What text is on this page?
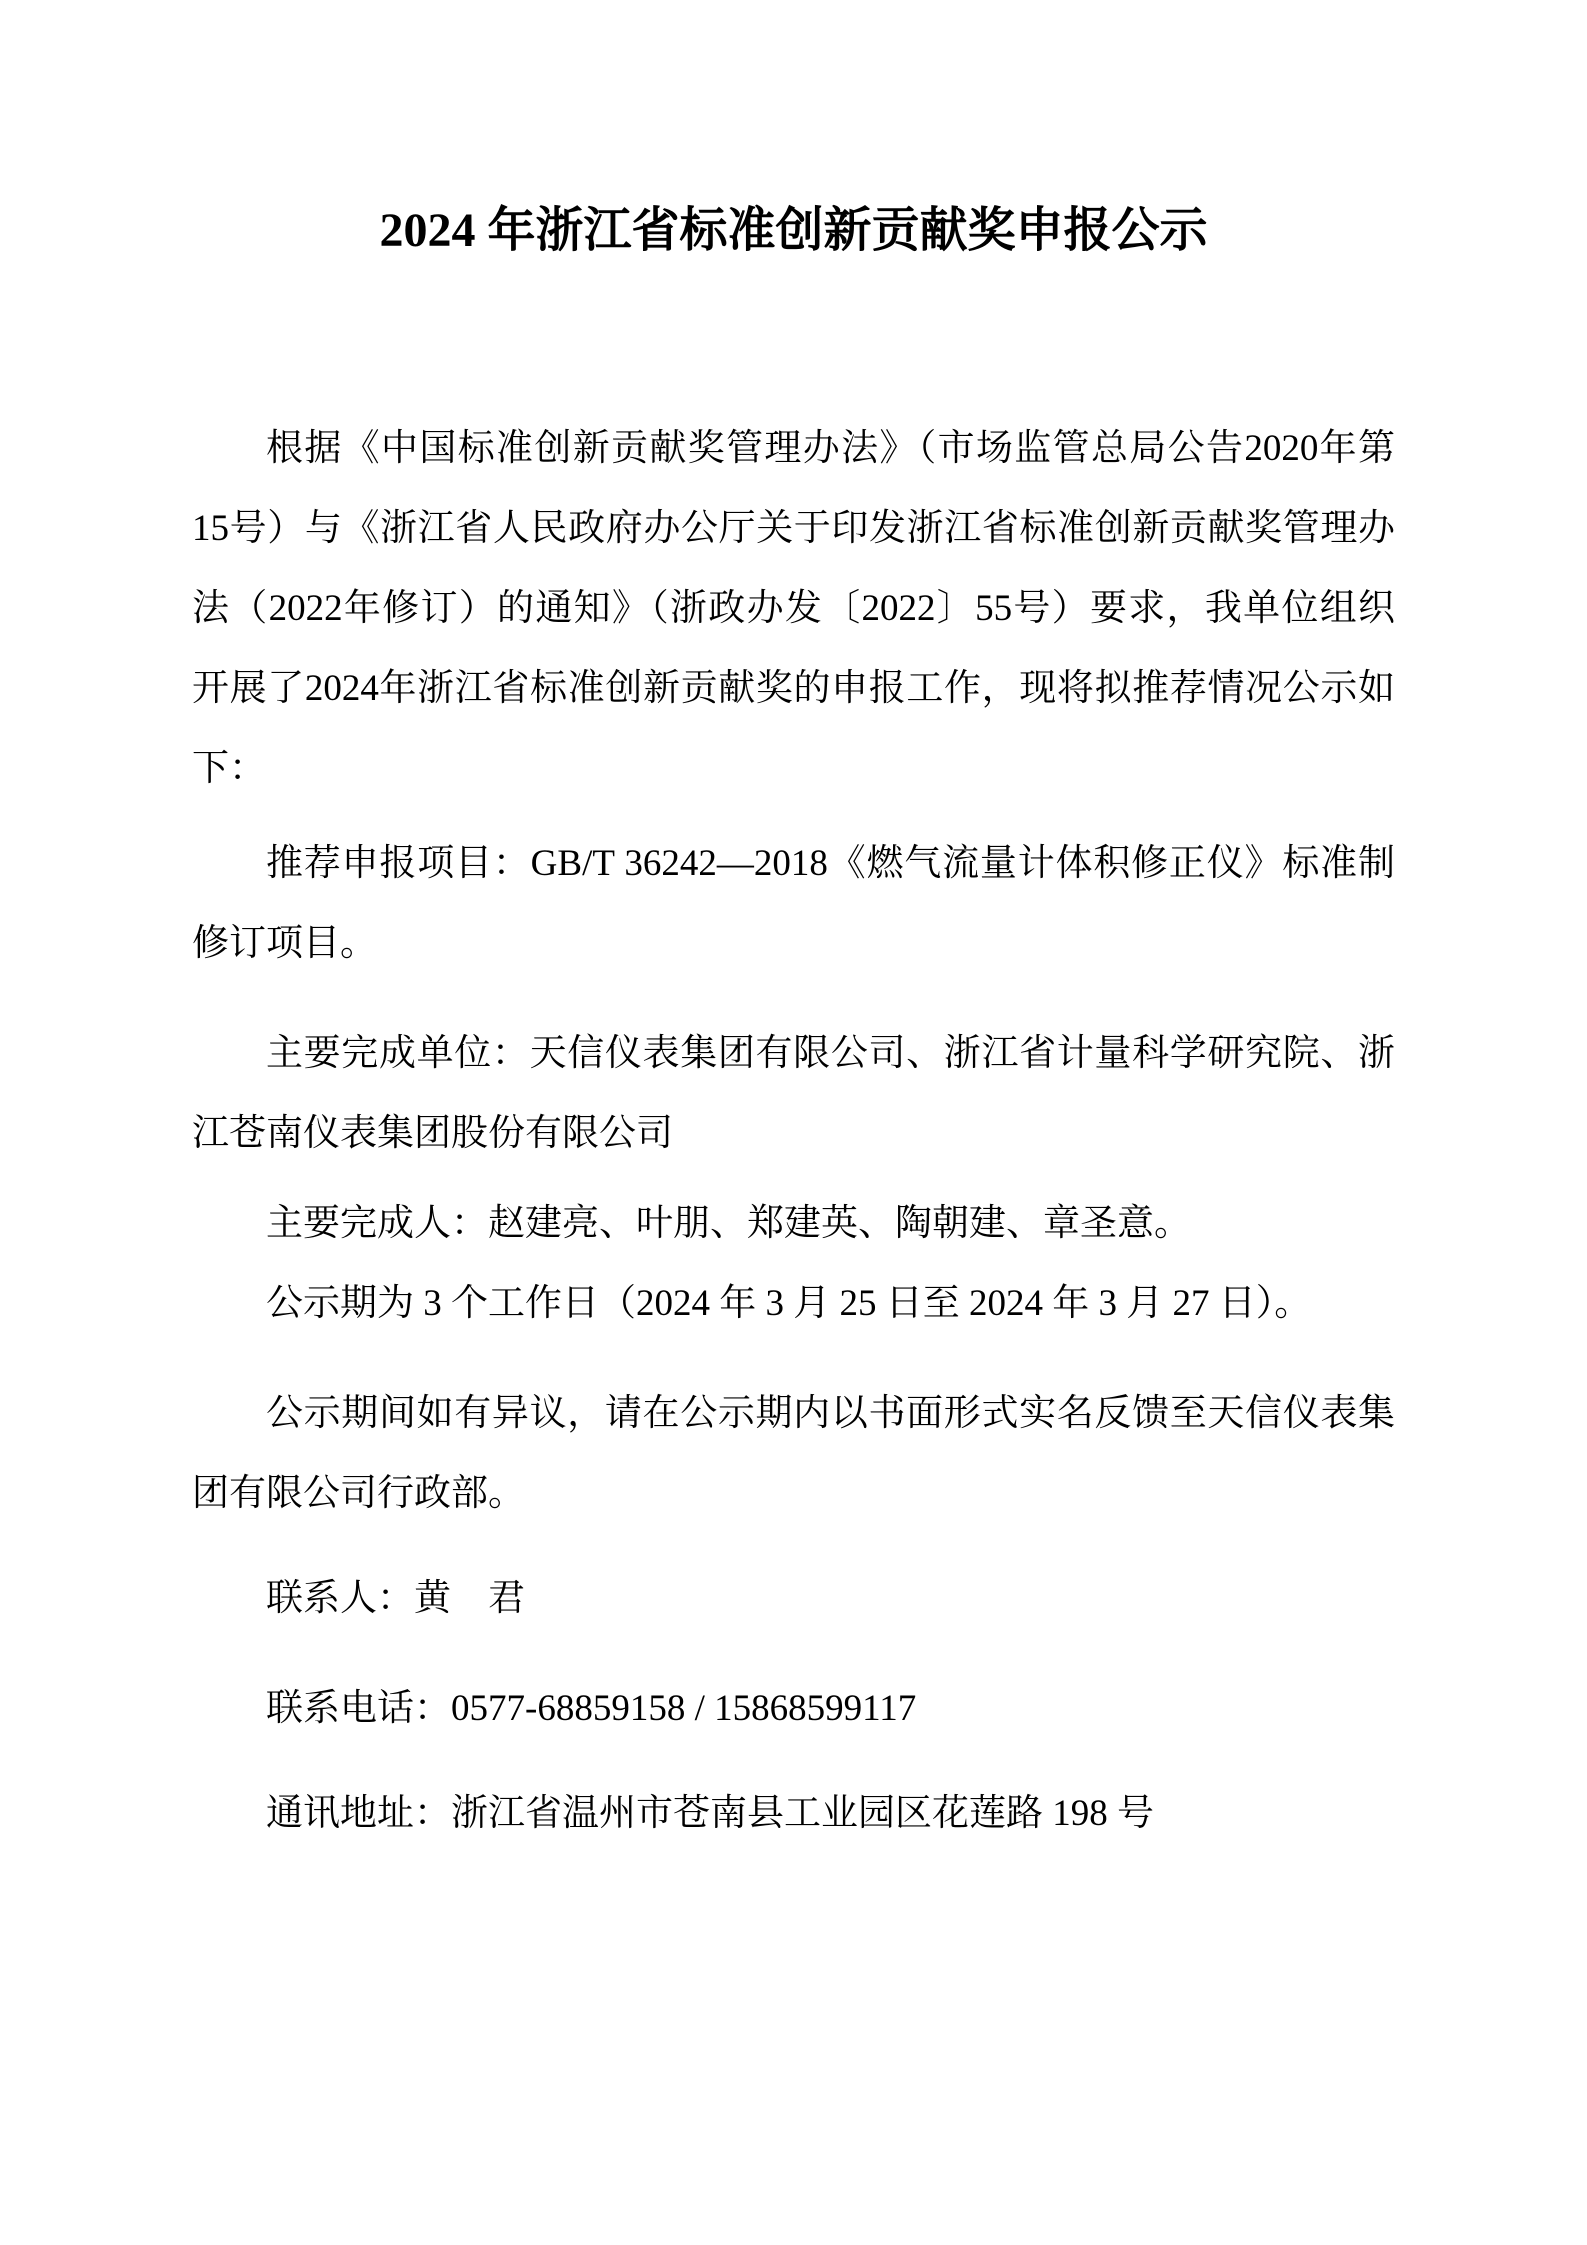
2024 年浙江省标准创新贡献奖申报公示
根据《中国标准创新贡献奖管理办法》（市场监管总局公告2020年第
15号）与《浙江省人民政府办公厅关于印发浙江省标准创新贡献奖管理办
法（2022年修订）的通知》（浙政办发〔2022〕55号）要求，我单位组织
开展了2024年浙江省标准创新贡献奖的申报工作，现将拟推荐情况公示如
下：
推荐申报项目：GB/T 36242—2018《燃气流量计体积修正仪》标准制
修订项目。
主要完成单位：天信仪表集团有限公司、浙江省计量科学研究院、浙
江苍南仪表集团股份有限公司
主要完成人：赵建亮、叶朋、郑建英、陶朝建、章圣意。
公示期为 3 个工作日（2024 年 3 月 25 日至 2024 年 3 月 27 日）。
公示期间如有异议，请在公示期内以书面形式实名反馈至天信仪表集
团有限公司行政部。
联系人：黄　君
联系电话：0577-68859158 / 15868599117
通讯地址：浙江省温州市苍南县工业园区花莲路 198 号
